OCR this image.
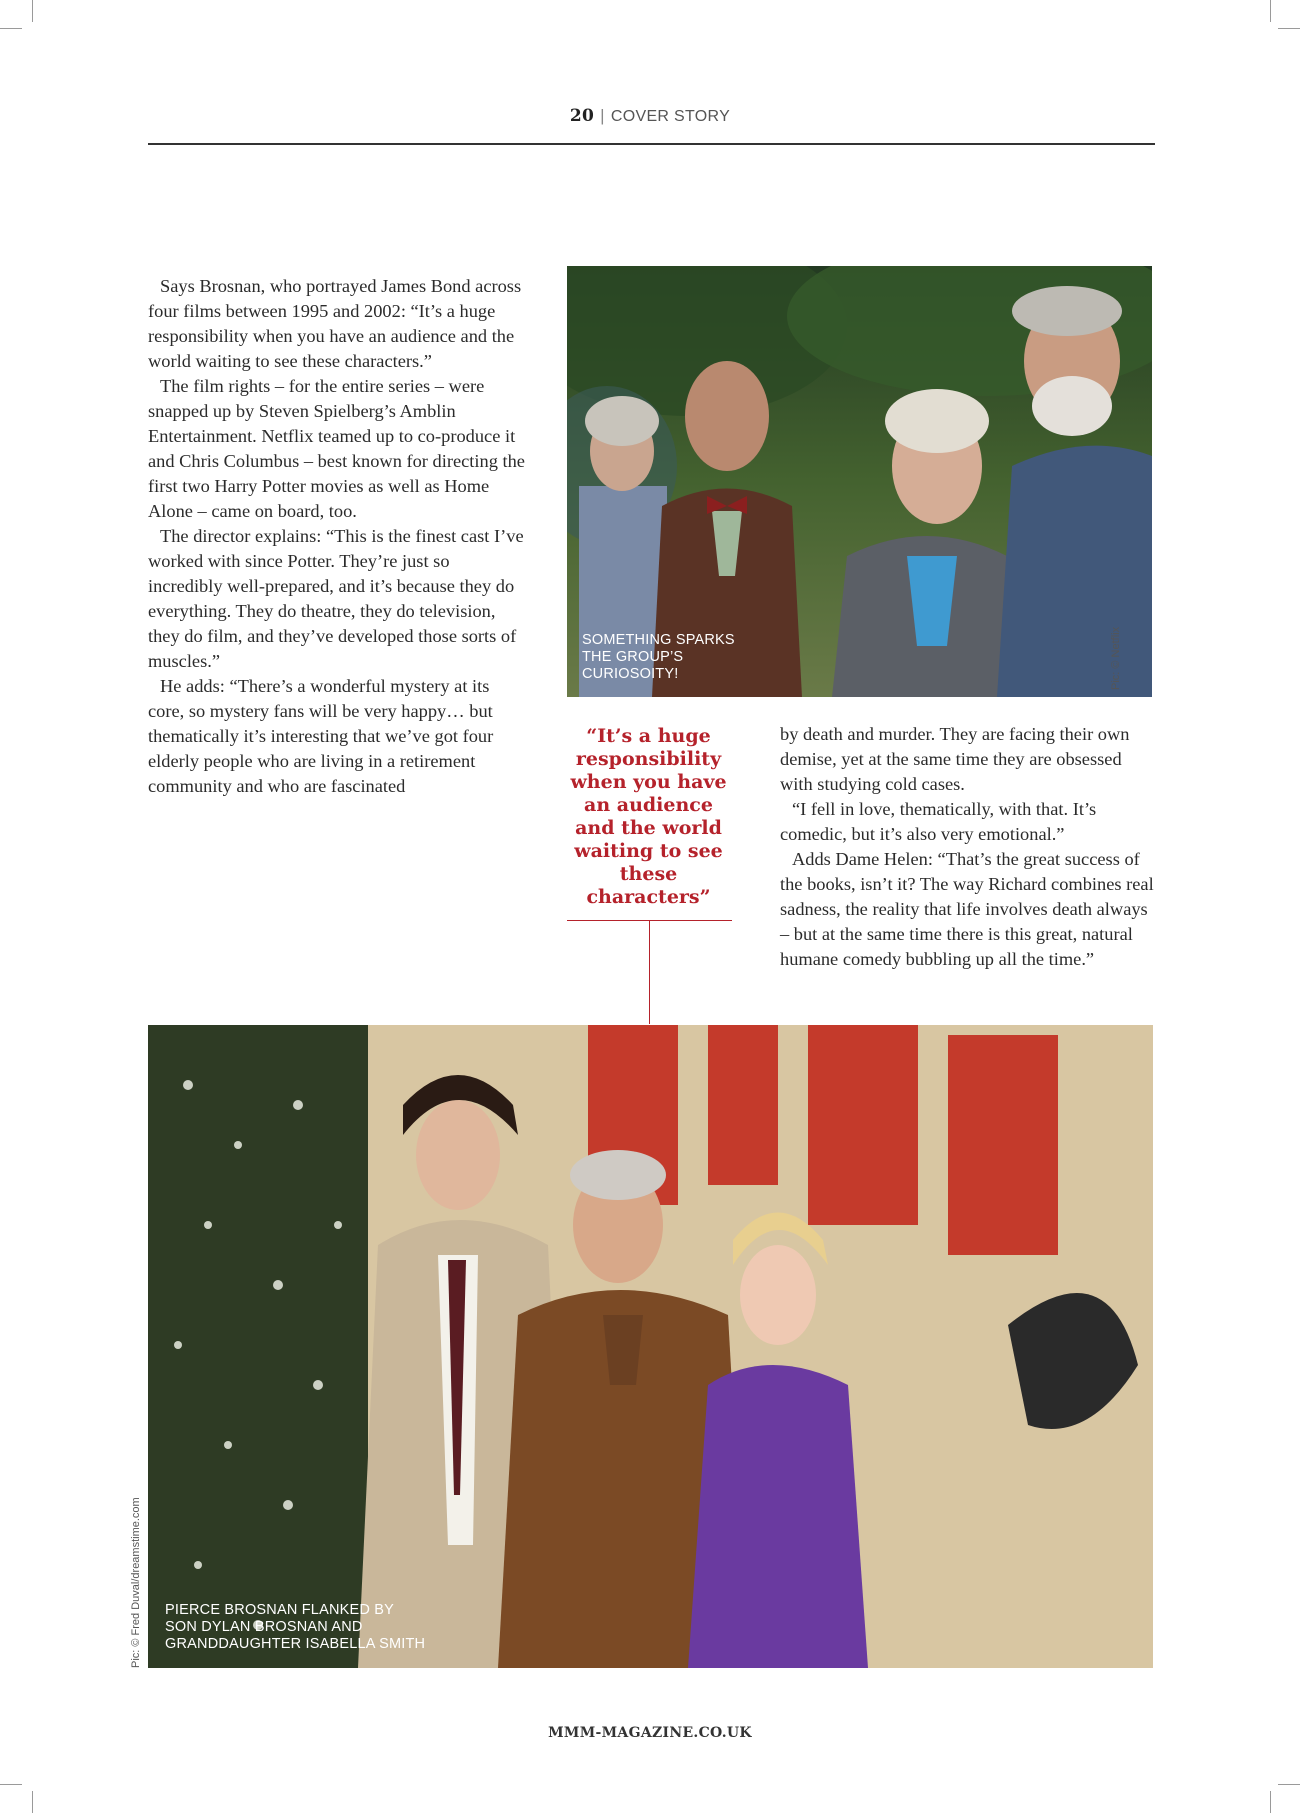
20 | COVER STORY

Says Brosnan, who portrayed James Bond across four films between 1995 and 2002: “It’s a huge responsibility when you have an audience and the world waiting to see these characters.”

The film rights – for the entire series – were snapped up by Steven Spielberg’s Amblin Entertainment. Netflix teamed up to co-produce it and Chris Columbus – best known for directing the first two Harry Potter movies as well as Home Alone – came on board, too.

The director explains: “This is the finest cast I’ve worked with since Potter. They’re just so incredibly well-prepared, and it’s because they do everything. They do theatre, they do television, they do film, and they’ve developed those sorts of muscles.”

He adds: “There’s a wonderful mystery at its core, so mystery fans will be very happy… but thematically it’s interesting that we’ve got four elderly people who are living in a retirement community and who are fascinated

SOMETHING SPARKS
THE GROUP’S
CURIOSOITY!	Pic: © Netflix
“It’s a huge responsibility when you have an audience and the world waiting to see these characters”

by death and murder. They are facing their own demise, yet at the same time they are obsessed with studying cold cases.

“I fell in love, thematically, with that. It’s comedic, but it’s also very emotional.”

Adds Dame Helen: “That’s the great success of the books, isn’t it? The way Richard combines real sadness, the reality that life involves death always – but at the same time there is this great, natural humane comedy bubbling up all the time.”

PIERCE BROSNAN FLANKED BY
SON DYLAN BROSNAN AND
GRANDDAUGHTER ISABELLA SMITH
Pic: © Fred Duval/dreamstime.com
MMM-MAGAZINE.CO.UK
